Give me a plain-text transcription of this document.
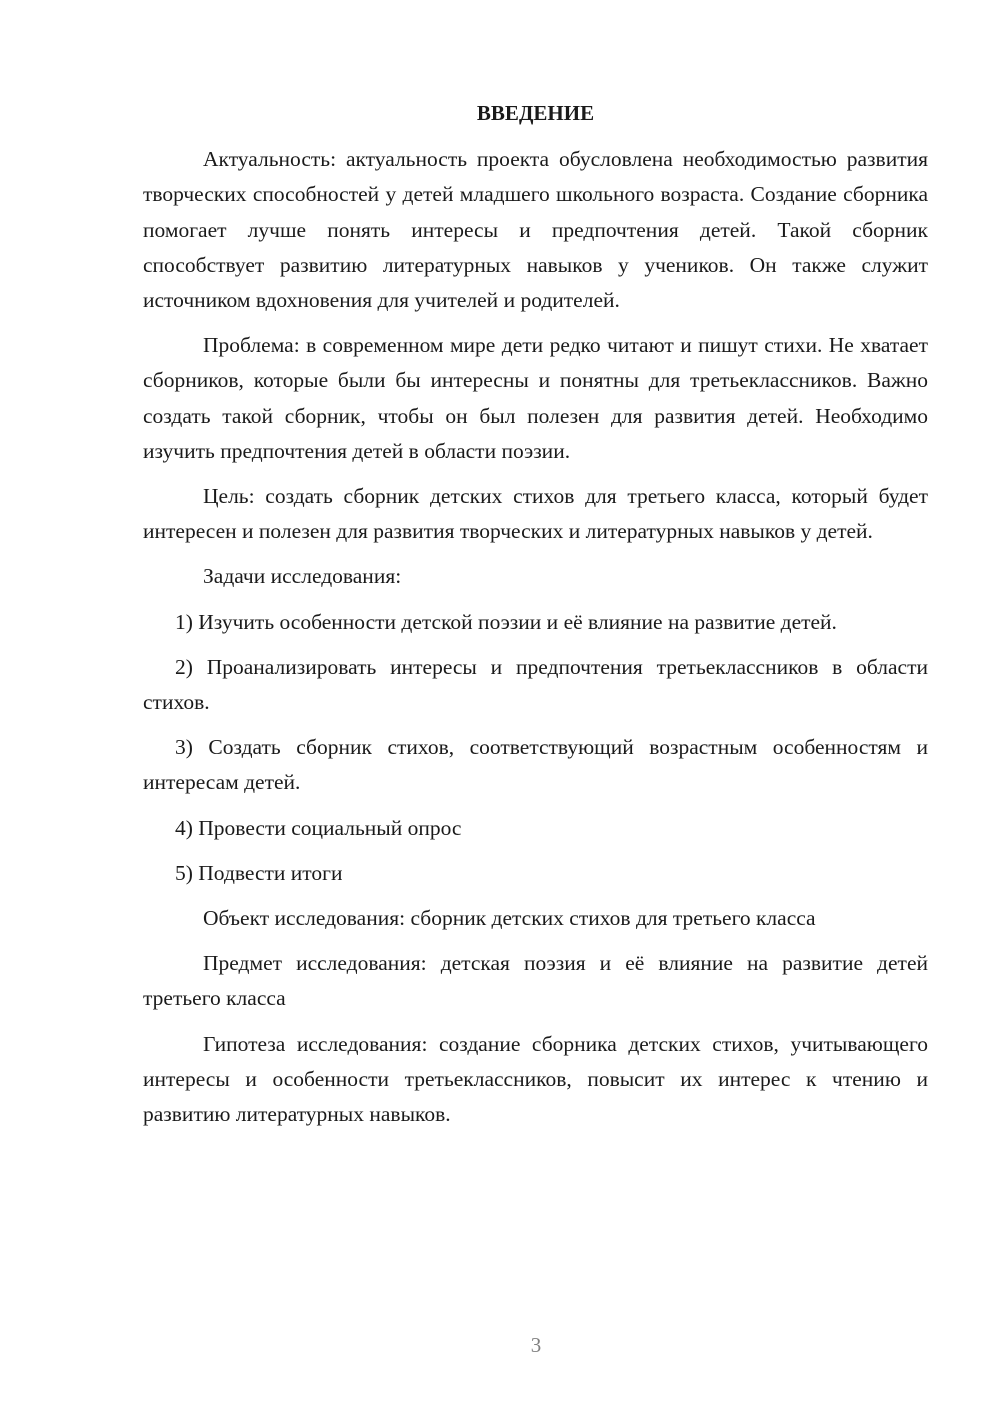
ВВЕДЕНИЕ

Актуальность: актуальность проекта обусловлена необходимостью развития творческих способностей у детей младшего школьного возраста. Создание сборника помогает лучше понять интересы и предпочтения детей. Такой сборник способствует развитию литературных навыков у учеников. Он также служит источником вдохновения для учителей и родителей.

Проблема: в современном мире дети редко читают и пишут стихи. Не хватает сборников, которые были бы интересны и понятны для третьеклассников. Важно создать такой сборник, чтобы он был полезен для развития детей. Необходимо изучить предпочтения детей в области поэзии.

Цель: создать сборник детских стихов для третьего класса, который будет интересен и полезен для развития творческих и литературных навыков у детей.

Задачи исследования:

1) Изучить особенности детской поэзии и её влияние на развитие детей.

2) Проанализировать интересы и предпочтения третьеклассников в области стихов.

3) Создать сборник стихов, соответствующий возрастным особенностям и интересам детей.

4) Провести социальный опрос

5) Подвести итоги

Объект исследования: сборник детских стихов для третьего класса

Предмет исследования: детская поэзия и её влияние на развитие детей третьего класса

Гипотеза исследования: создание сборника детских стихов, учитывающего интересы и особенности третьеклассников, повысит их интерес к чтению и развитию литературных навыков.

3
